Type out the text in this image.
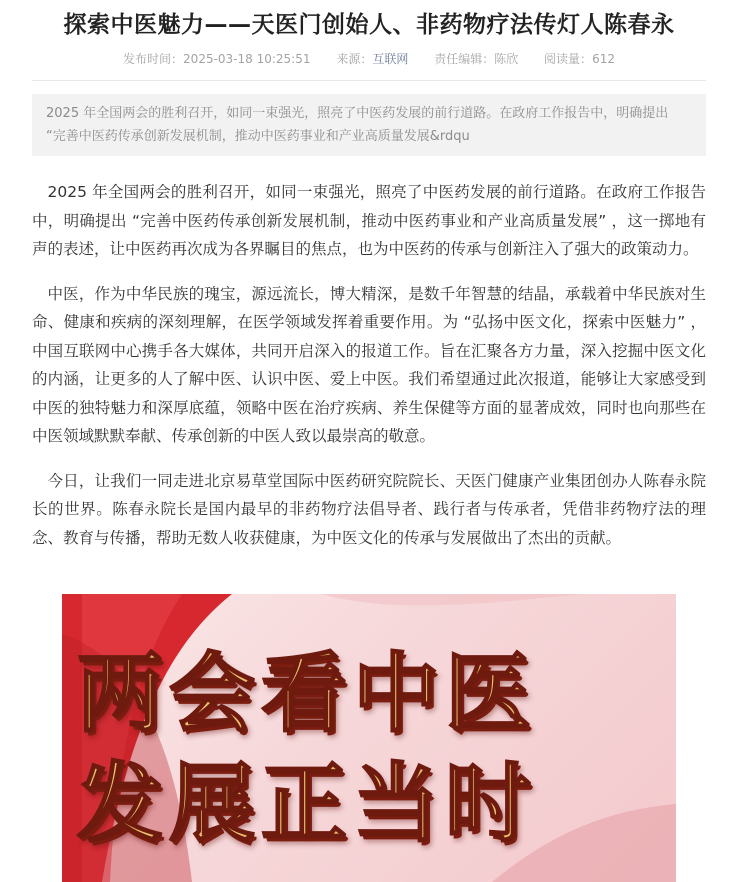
探索中医魅力——天医门创始人、非药物疗法传灯人陈春永
发布时间：2025-03-18 10:25:51 来源：互联网 责任编辑：陈欣 阅读量：612
2025 年全国两会的胜利召开，如同一束强光，照亮了中医药发展的前行道路。在政府工作报告中，明确提出 “完善中医药传承创新发展机制，推动中医药事业和产业高质量发展&rdqu

2025 年全国两会的胜利召开，如同一束强光，照亮了中医药发展的前行道路。在政府工作报告中，明确提出 “完善中医药传承创新发展机制，推动中医药事业和产业高质量发展” ，这一掷地有声的表述，让中医药再次成为各界瞩目的焦点，也为中医药的传承与创新注入了强大的政策动力。

中医，作为中华民族的瑰宝，源远流长，博大精深，是数千年智慧的结晶，承载着中华民族对生命、健康和疾病的深刻理解，在医学领域发挥着重要作用。为 “弘扬中医文化，探索中医魅力” ，中国互联网中心携手各大媒体，共同开启深入的报道工作。旨在汇聚各方力量，深入挖掘中医文化的内涵，让更多的人了解中医、认识中医、爱上中医。我们希望通过此次报道，能够让大家感受到中医的独特魅力和深厚底蕴，领略中医在治疗疾病、养生保健等方面的显著成效，同时也向那些在中医领域默默奉献、传承创新的中医人致以最崇高的敬意。

今日，让我们一同走进北京易草堂国际中医药研究院院长、天医门健康产业集团创办人陈春永院长的世界。陈春永院长是国内最早的非药物疗法倡导者、践行者与传承者，凭借非药物疗法的理念、教育与传播，帮助无数人收获健康，为中医文化的传承与发展做出了杰出的贡献。

两会看中医
发展正当时
